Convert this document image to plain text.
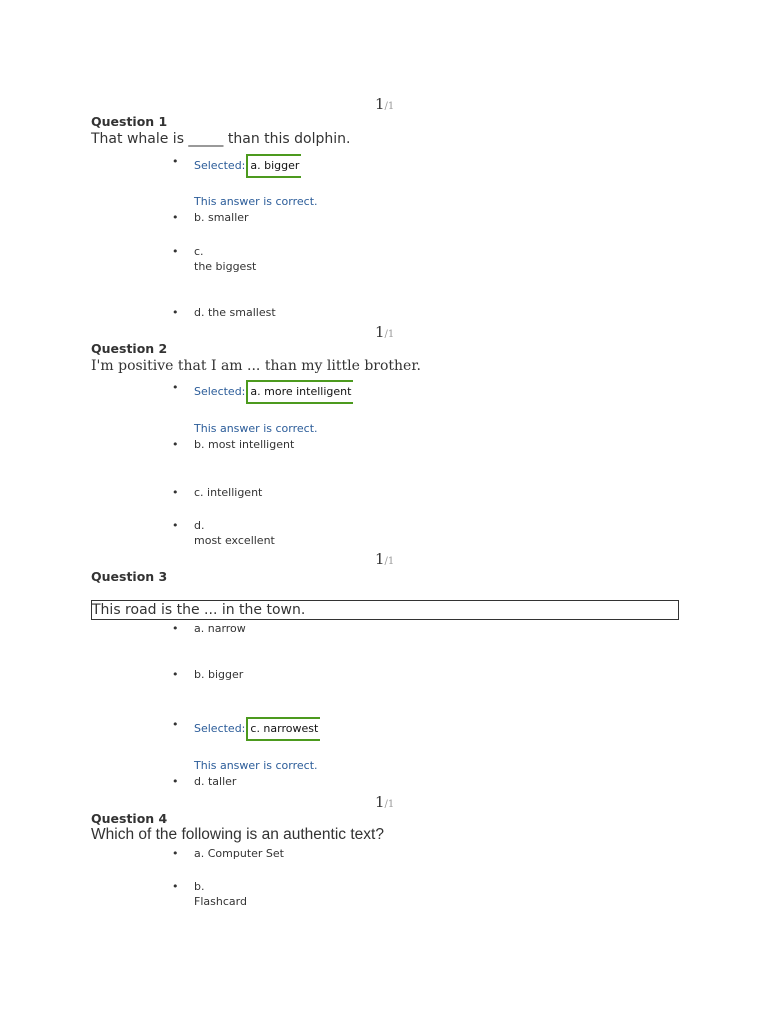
1/1
Question 1
That whale is _____ than this dolphin.
• Selected: a. bigger
This answer is correct.
• b. smaller
• c.
the biggest
• d. the smallest
1/1
Question 2
I'm positive that I am ... than my little brother.
• Selected: a. more intelligent
This answer is correct.
• b. most intelligent
• c. intelligent
• d.
most excellent
1/1
Question 3
This road is the ... in the town.
• a. narrow
• b. bigger
• Selected: c. narrowest
This answer is correct.
• d. taller
1/1
Question 4
Which of the following is an authentic text?
• a. Computer Set
• b.
Flashcard
